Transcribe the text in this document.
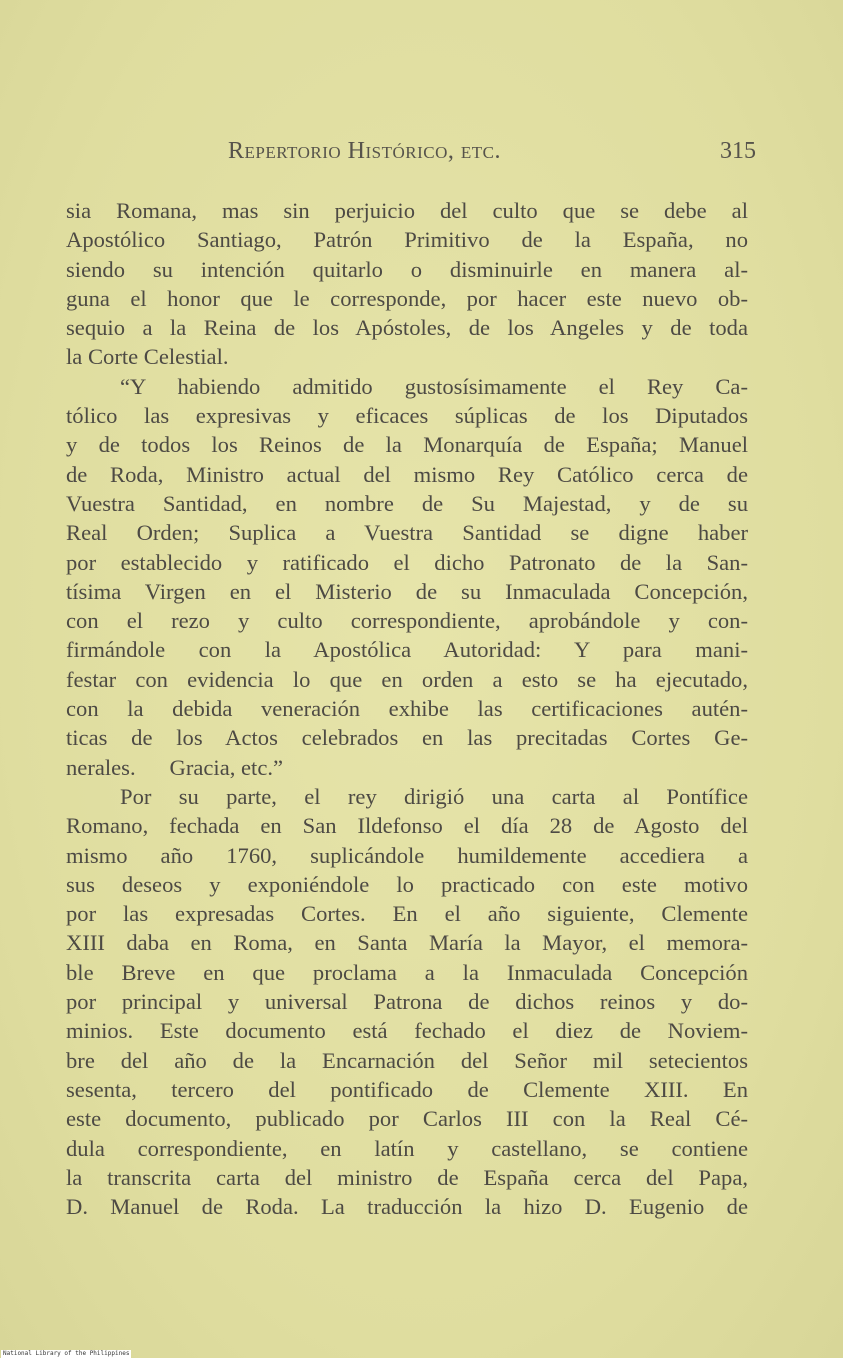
Repertorio Histórico, etc.	315
sia Romana, mas sin perjuicio del culto que se debe al
Apostólico Santiago, Patrón Primitivo de la España, no
siendo su intención quitarlo o disminuirle en manera al-
guna el honor que le corresponde, por hacer este nuevo ob-
sequio a la Reina de los Apóstoles, de los Angeles y de toda
la Corte Celestial.
“Y habiendo admitido gustosísimamente el Rey Ca-
tólico las expresivas y eficaces súplicas de los Diputados
y de todos los Reinos de la Monarquía de España; Manuel
de Roda, Ministro actual del mismo Rey Católico cerca de
Vuestra Santidad, en nombre de Su Majestad, y de su
Real Orden; Suplica a Vuestra Santidad se digne haber
por establecido y ratificado el dicho Patronato de la San-
tísima Virgen en el Misterio de su Inmaculada Concepción,
con el rezo y culto correspondiente, aprobándole y con-
firmándole con la Apostólica Autoridad: Y para mani-
festar con evidencia lo que en orden a esto se ha ejecutado,
con la debida veneración exhibe las certificaciones autén-
ticas de los Actos celebrados en las precitadas Cortes Ge-
nerales.      Gracia, etc.”
Por su parte, el rey dirigió una carta al Pontífice
Romano, fechada en San Ildefonso el día 28 de Agosto del
mismo año 1760, suplicándole humildemente accediera a
sus deseos y exponiéndole lo practicado con este motivo
por las expresadas Cortes. En el año siguiente, Clemente
XIII daba en Roma, en Santa María la Mayor, el memora-
ble Breve en que proclama a la Inmaculada Concepción
por principal y universal Patrona de dichos reinos y do-
minios. Este documento está fechado el diez de Noviem-
bre del año de la Encarnación del Señor mil setecientos
sesenta, tercero del pontificado de Clemente XIII. En
este documento, publicado por Carlos III con la Real Cé-
dula correspondiente, en latín y castellano, se contiene
la transcrita carta del ministro de España cerca del Papa,
D. Manuel de Roda. La traducción la hizo D. Eugenio de
National Library of the Philippines
